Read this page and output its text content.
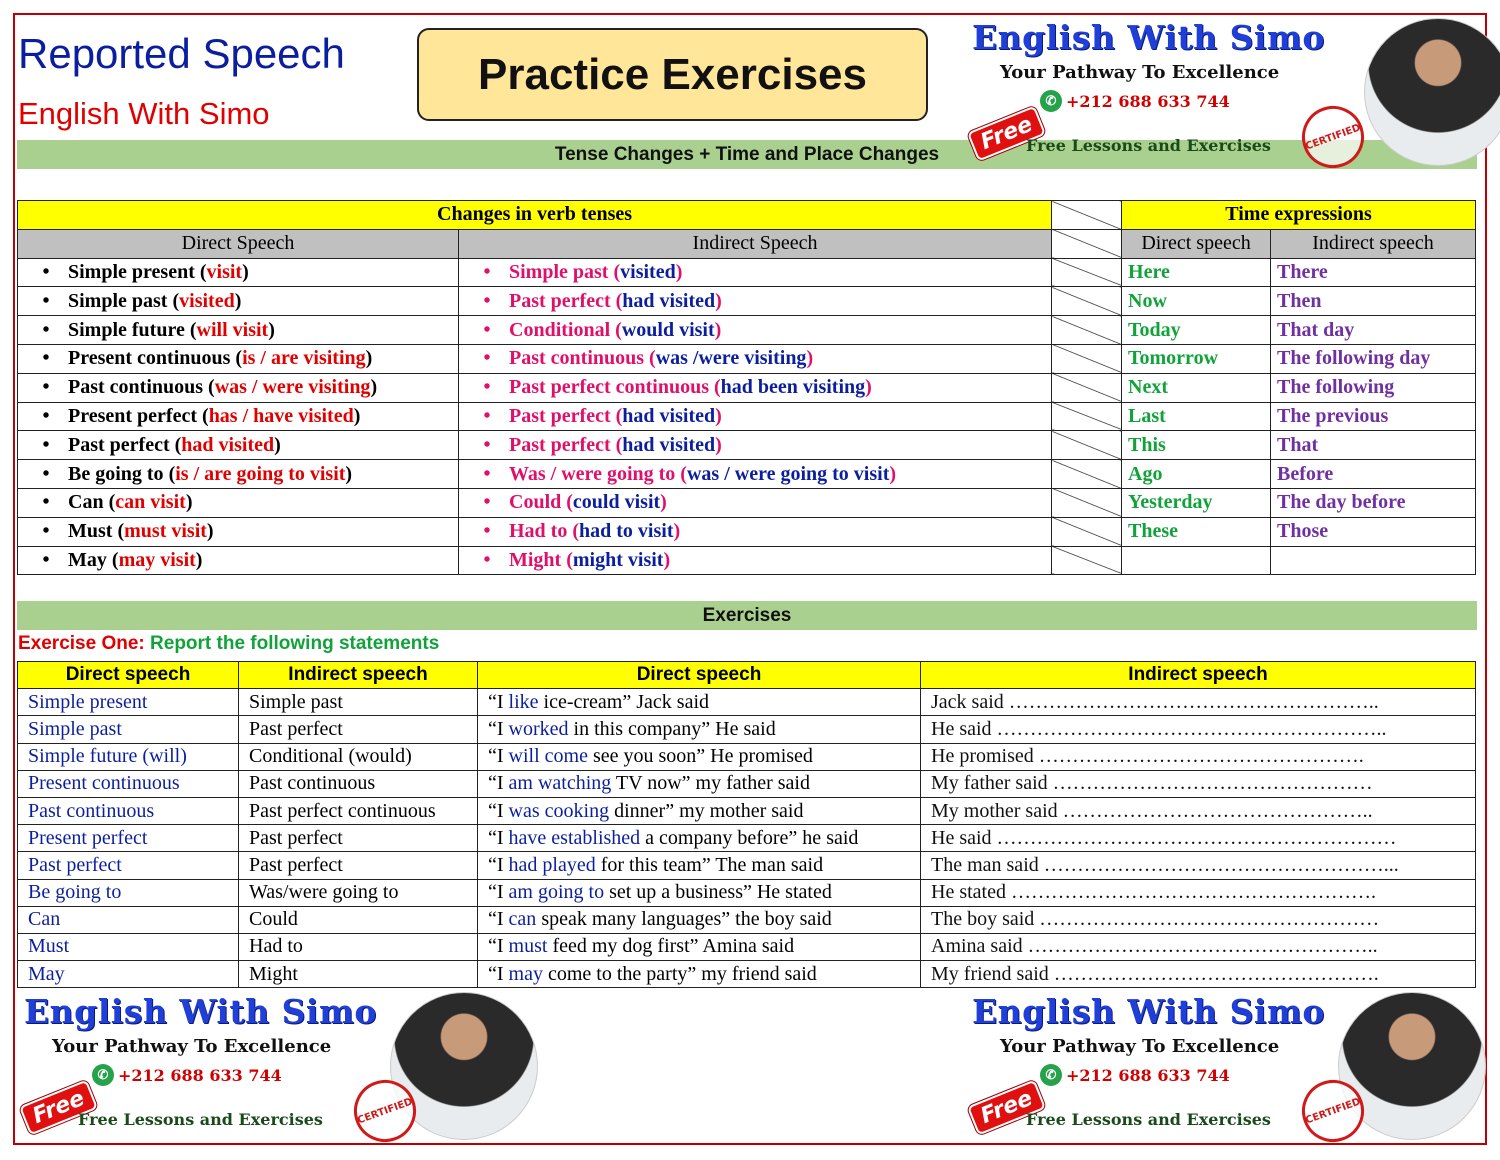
Reported Speech
English With Simo
Practice Exercises
Tense Changes + Time and Place Changes
English With Simo
Your Pathway To Excellence
✆ +212 688 633 744
Free
Free Lessons and Exercises	CERTIFIED
English With Simo
Your Pathway To Excellence
✆ +212 688 633 744
Free
Free Lessons and Exercises	CERTIFIED
English With Simo
Your Pathway To Excellence
✆ +212 688 633 744
Free
Free Lessons and Exercises	CERTIFIED
Changes in verb tenses			Time expressions	
Direct Speech	Indirect Speech		Direct speech	Indirect speech
• Simple present (visit)	• Simple past (visited)		Here	There
• Simple past (visited)	• Past perfect (had visited)		Now	Then
• Simple future (will visit)	• Conditional (would visit)		Today	That day
• Present continuous (is / are visiting)	• Past continuous (was /were visiting)		Tomorrow	The following day
• Past continuous (was / were visiting)	• Past perfect continuous (had been visiting)		Next	The following
• Present perfect (has / have visited)	• Past perfect (had visited)		Last	The previous
• Past perfect (had visited)	• Past perfect (had visited)		This	That
• Be going to (is / are going to visit)	• Was / were going to (was / were going to visit)		Ago	Before
• Can (can visit)	• Could (could visit)		Yesterday	The day before
• Must (must visit)	• Had to (had to visit)		These	Those
• May (may visit)	• Might (might visit)			
Exercises
Exercise One: Report the following statements
Direct speech	Indirect speech	Direct speech	Indirect speech
Simple present	Simple past	“I like ice-cream” Jack said	Jack said ………………………………………………..
Simple past	Past perfect	“I worked in this company” He said	He said …………………………………………………..
Simple future (will)	Conditional (would)	“I will come see you soon” He promised	He promised ………………………………………….
Present continuous	Past continuous	“I am watching TV now” my father said	My father said …………………………………………
Past continuous	Past perfect continuous	“I was cooking dinner” my mother said	My mother said ………………………………………..
Present perfect	Past perfect	“I have established a company before” he said	He said ……………………………………………………
Past perfect	Past perfect	“I had played for this team” The man said	The man said ……………………………………………...
Be going to	Was/were going to	“I am going to set up a business” He stated	He stated ……………………………………………….
Can	Could	“I can speak many languages” the boy said	The boy said ……………………………………………
Must	Had to	“I must feed my dog first” Amina said	Amina said ……………………………………………..
May	Might	“I may come to the party” my friend said	My friend said ………………………………………….
